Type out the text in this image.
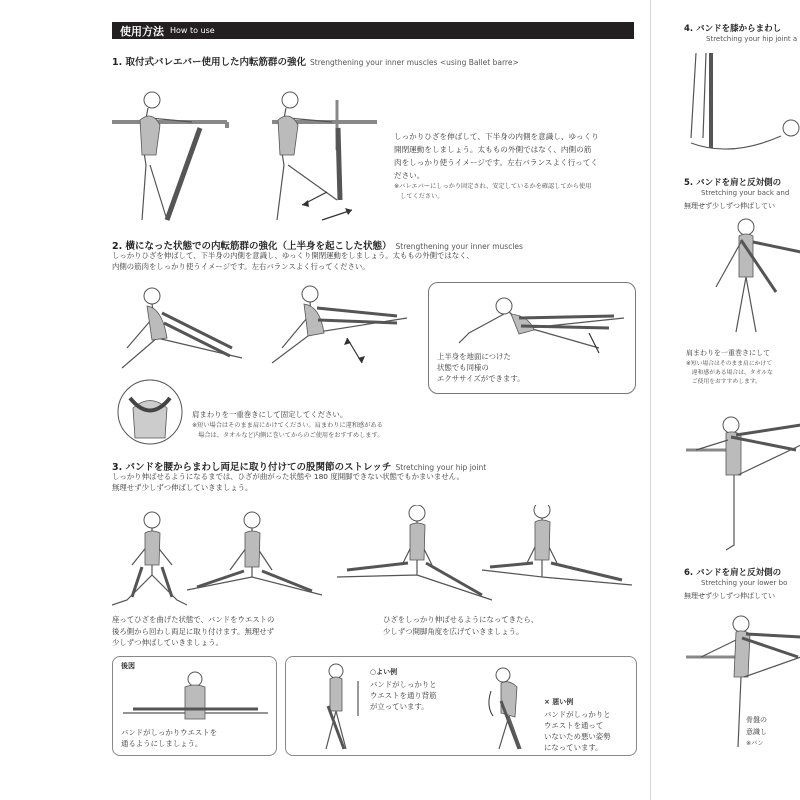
使用方法 How to use
1. 取付式バレエバー使用した内転筋群の強化 Strengthening your inner muscles <using Ballet barre>
しっかりひざを伸ばして、下半身の内側を意識し、ゆっくり
開閉運動をしましょう。太ももの外側ではなく、内側の筋
肉をしっかり使うイメージです。左右バランスよく行ってく
ださい。
※バレエバーにしっかり固定され、安定しているかを確認してから使用
　してください。
2. 横になった状態での内転筋群の強化（上半身を起こした状態） Strengthening your inner muscles
しっかりひざを伸ばして、下半身の内側を意識し、ゆっくり開閉運動をしましょう。太ももの外側ではなく、
内側の筋肉をしっかり使うイメージです。左右バランスよく行ってください。
上半身を地面につけた
状態でも同様の
エクササイズができます。
肩まわりを一重巻きにして固定してください。
※短い場合はそのまま肩にかけてください。肩まわりに違和感がある
　場合は、タオルなど内側に巻いてからのご使用をおすすめします。
3. バンドを腰からまわし両足に取り付けての股関節のストレッチ Stretching your hip joint
しっかり伸ばせるようになるまでは、ひざが曲がった状態や 180 度開脚できない状態でもかまいません。
無理せず少しずつ伸ばしていきましょう。
座ってひざを曲げた状態で、バンドをウエストの
後ろ側から回わし両足に取り付けます。無理せず
少しずつ伸ばしていきましょう。
ひざをしっかり伸ばせるようになってきたら、
少しずつ開脚角度を広げていきましょう。
後図
バンドがしっかりウエストを
通るようにしましょう。
○よい例
バンドがしっかりと
ウエストを通り背筋
が立っています。	× 悪い例
バンドがしっかりと
ウエストを通って
いないため悪い姿勢
になっています。
4. バンドを膝からまわし
Stretching your hip joint a
5. バンドを肩と反対側の
Stretching your back and
無理せず少しずつ伸ばしてい
肩まわりを一重巻きにして
※短い場合はそのまま肩にかけて
　違和感がある場合は、タオルな
　ご使用をおすすめします。
6. バンドを肩と反対側の
Stretching your lower bo
無理せず少しずつ伸ばしてい
骨盤の
意識し
※バン
